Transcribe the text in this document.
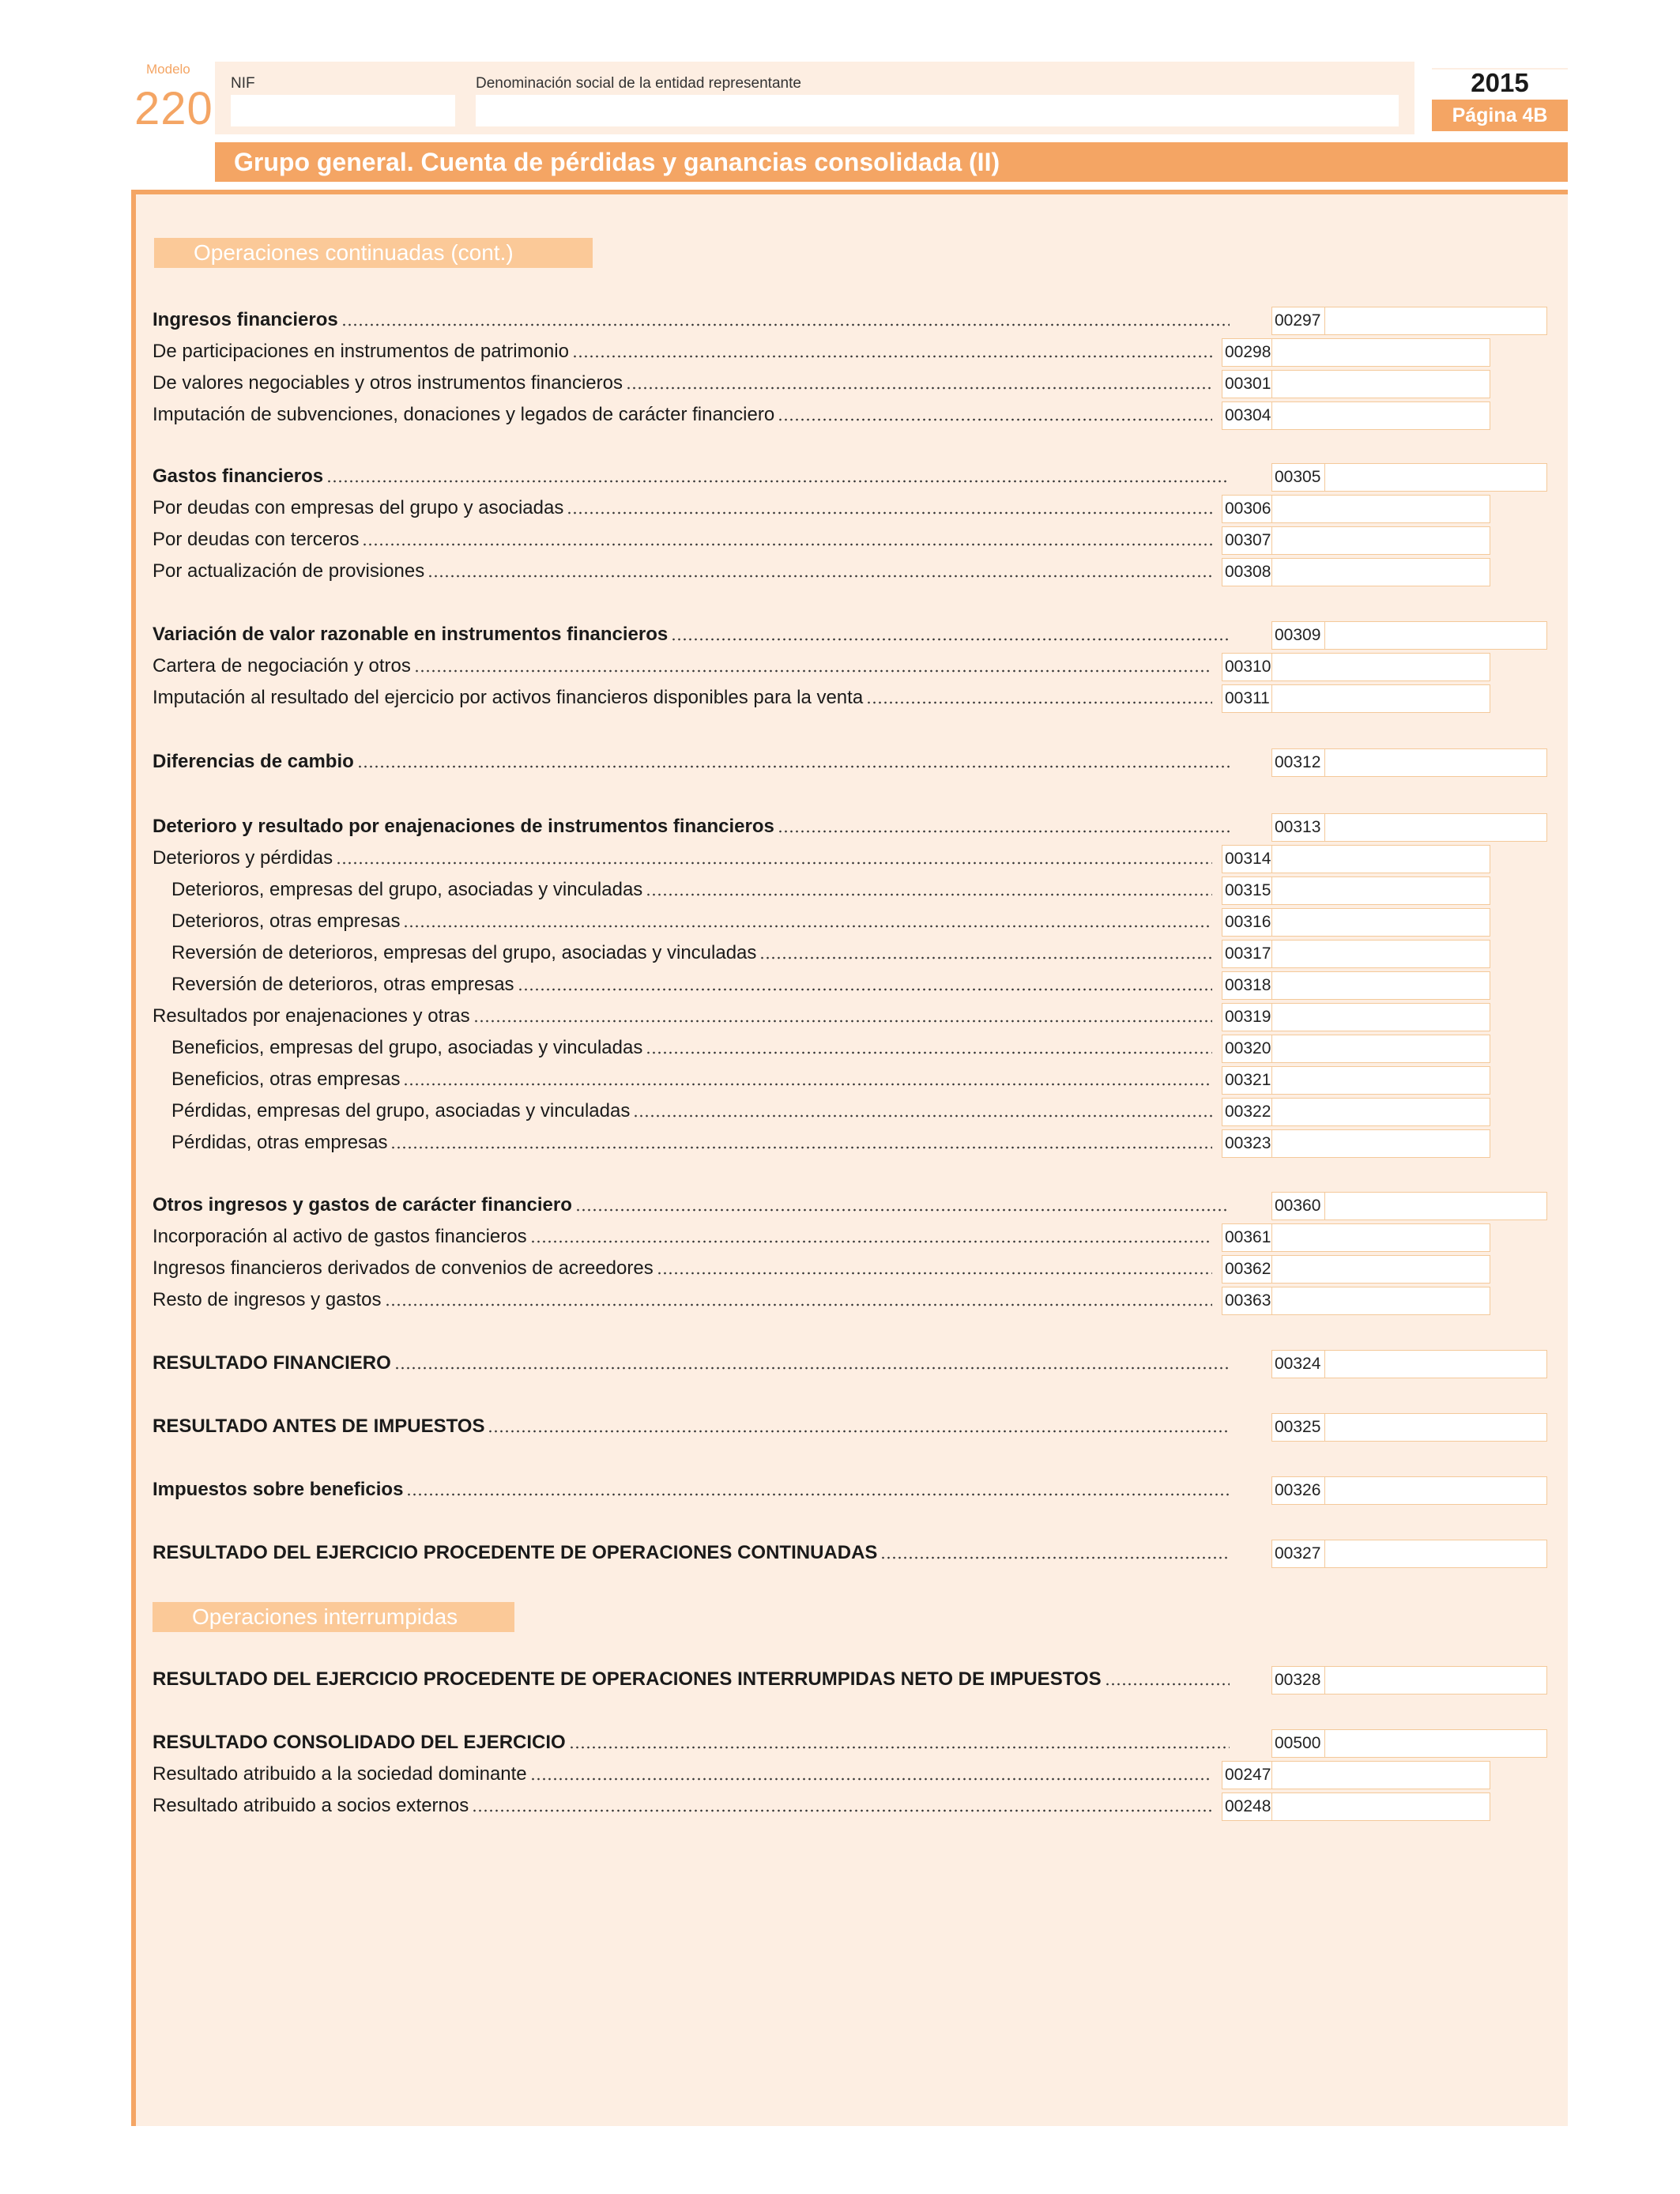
Modelo
220 NIF	Denominación social de la entidad representante	2015
Página 4B
Grupo general. Cuenta de pérdidas y ganancias consolidada (II)
Operaciones continuadas (cont.)
Operaciones interrumpidas
Ingresos financieros	00297
De participaciones en instrumentos de patrimonio	00298
De valores negociables y otros instrumentos financieros	00301
Imputación de subvenciones, donaciones y legados de carácter financiero	00304
Gastos financieros	00305
Por deudas con empresas del grupo y asociadas	00306
Por deudas con terceros	00307
Por actualización de provisiones	00308
Variación de valor razonable en instrumentos financieros	00309
Cartera de negociación y otros	00310
Imputación al resultado del ejercicio por activos financieros disponibles para la venta	00311
Diferencias de cambio	00312
Deterioro y resultado por enajenaciones de instrumentos financieros	00313
Deterioros y pérdidas	00314
Deterioros, empresas del grupo, asociadas y vinculadas	00315
Deterioros, otras empresas	00316
Reversión de deterioros, empresas del grupo, asociadas y vinculadas	00317
Reversión de deterioros, otras empresas	00318
Resultados por enajenaciones y otras	00319
Beneficios, empresas del grupo, asociadas y vinculadas	00320
Beneficios, otras empresas	00321
Pérdidas, empresas del grupo, asociadas y vinculadas	00322
Pérdidas, otras empresas	00323
Otros ingresos y gastos de carácter financiero	00360
Incorporación al activo de gastos financieros	00361
Ingresos financieros derivados de convenios de acreedores	00362
Resto de ingresos y gastos	00363
RESULTADO FINANCIERO	00324
RESULTADO ANTES DE IMPUESTOS	00325
Impuestos sobre beneficios	00326
RESULTADO DEL EJERCICIO PROCEDENTE DE OPERACIONES CONTINUADAS	00327
RESULTADO DEL EJERCICIO PROCEDENTE DE OPERACIONES INTERRUMPIDAS NETO DE IMPUESTOS	00328
RESULTADO CONSOLIDADO DEL EJERCICIO	00500
Resultado atribuido a la sociedad dominante	00247
Resultado atribuido a socios externos	00248
